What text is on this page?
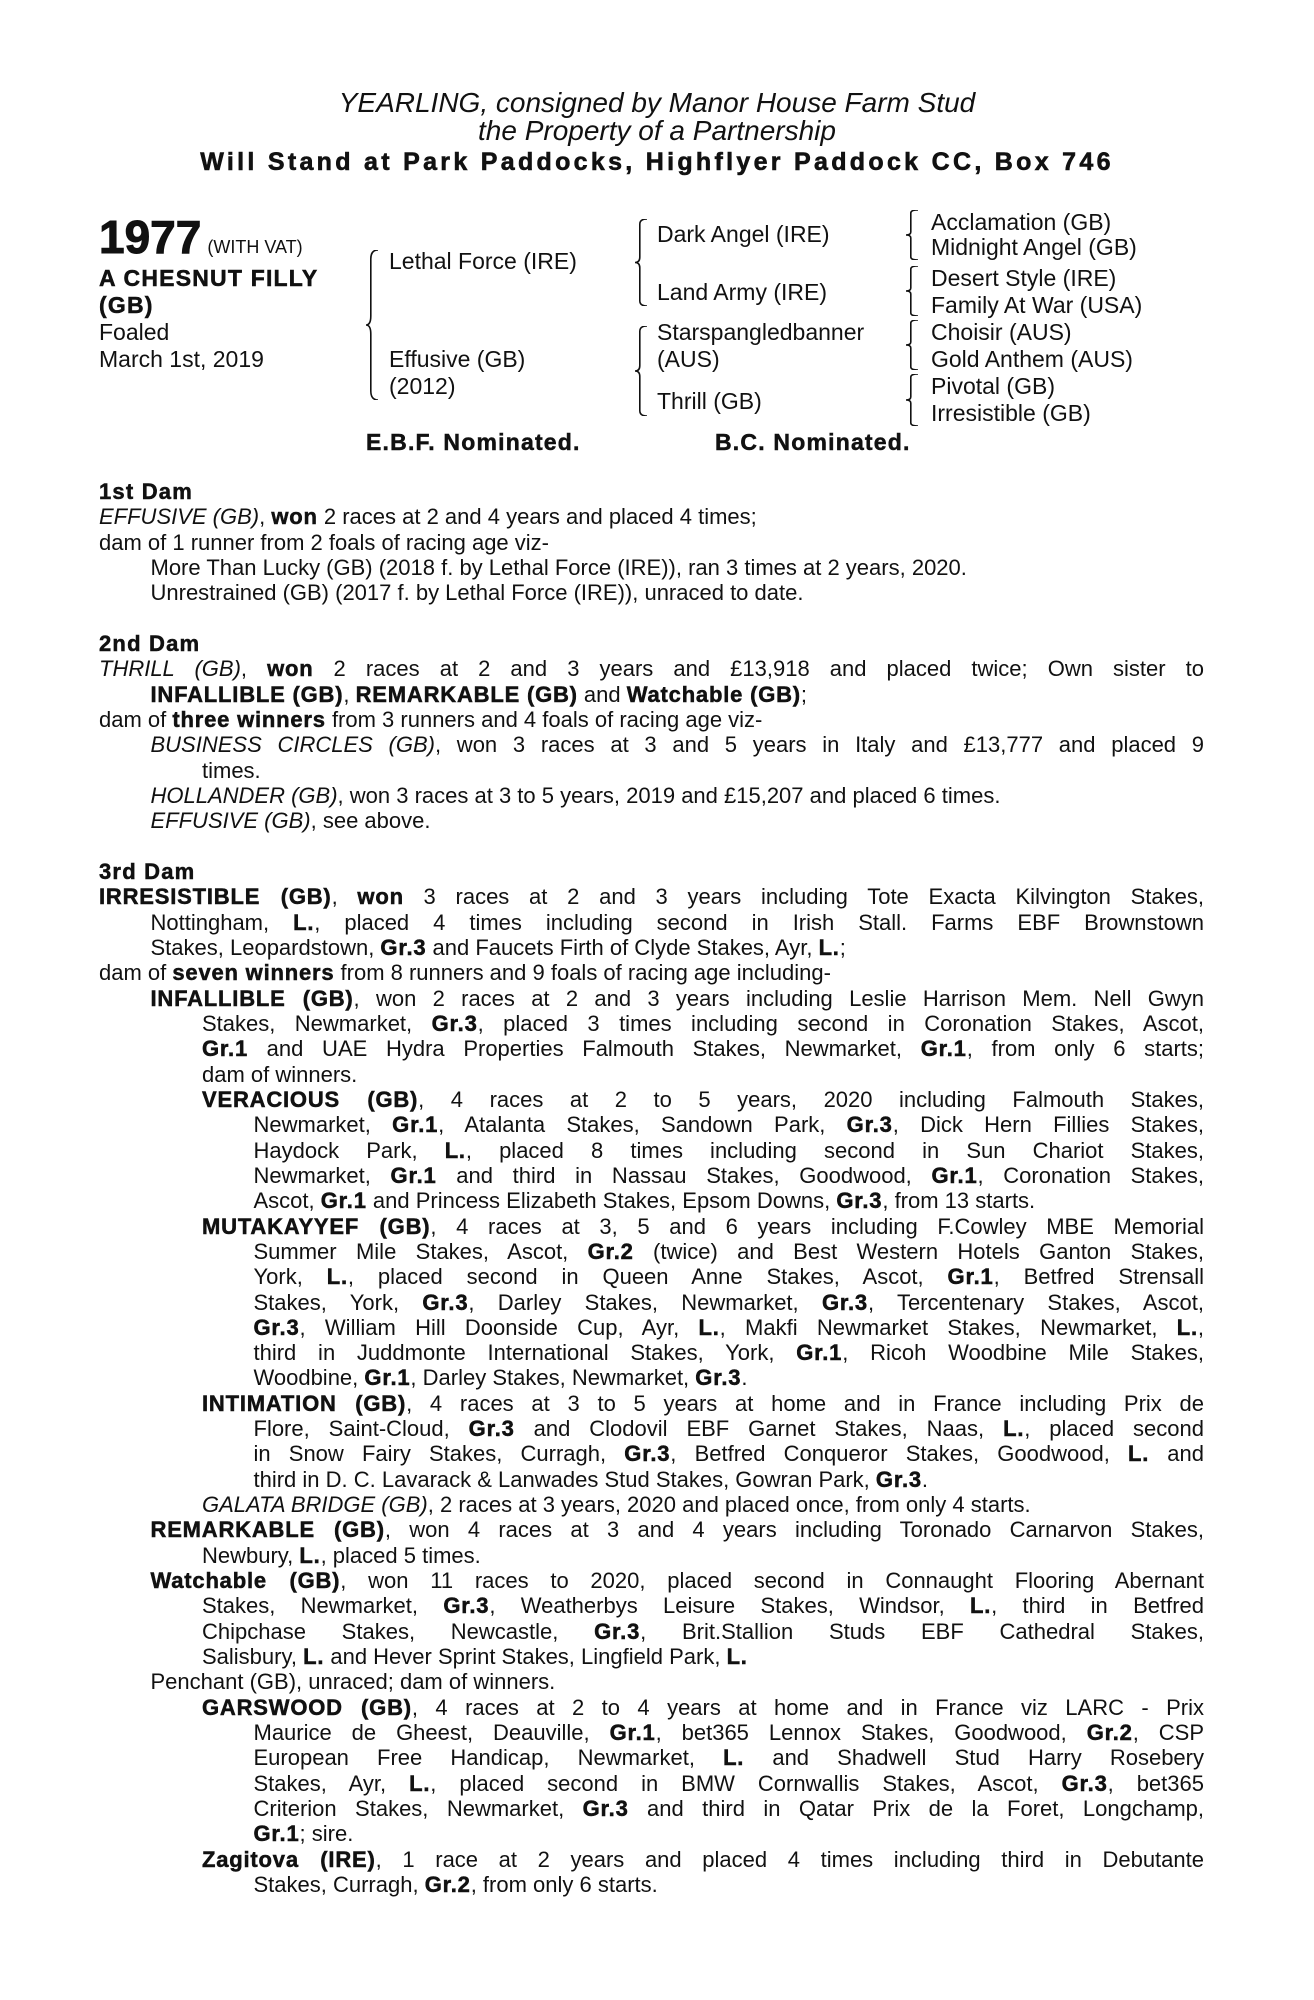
YEARLING, consigned by Manor House Farm Stud
the Property of a Partnership
Will Stand at Park Paddocks, Highflyer Paddock CC, Box 746
1977 (WITH VAT)
A CHESNUT FILLY
(GB)
Foaled
March 1st, 2019
Lethal Force (IRE)
Effusive (GB)
(2012)
Dark Angel (IRE)
Land Army (IRE)
Starspangledbanner
(AUS)
Thrill (GB)
Acclamation (GB)
Midnight Angel (GB)
Desert Style (IRE)
Family At War (USA)
Choisir (AUS)
Gold Anthem (AUS)
Pivotal (GB)
Irresistible (GB)
E.B.F. Nominated.	B.C. Nominated.
1st Dam
EFFUSIVE (GB), won 2 races at 2 and 4 years and placed 4 times;
dam of 1 runner from 2 foals of racing age viz-
More Than Lucky (GB) (2018 f. by Lethal Force (IRE)), ran 3 times at 2 years, 2020.
Unrestrained (GB) (2017 f. by Lethal Force (IRE)), unraced to date.
2nd Dam
THRILL (GB), won 2 races at 2 and 3 years and £13,918 and placed twice; Own sister to
INFALLIBLE (GB), REMARKABLE (GB) and Watchable (GB);
dam of three winners from 3 runners and 4 foals of racing age viz-
BUSINESS CIRCLES (GB), won 3 races at 3 and 5 years in Italy and £13,777 and placed 9
times.
HOLLANDER (GB), won 3 races at 3 to 5 years, 2019 and £15,207 and placed 6 times.
EFFUSIVE (GB), see above.
3rd Dam
IRRESISTIBLE (GB), won 3 races at 2 and 3 years including Tote Exacta Kilvington Stakes,
Nottingham, L., placed 4 times including second in Irish Stall. Farms EBF Brownstown
Stakes, Leopardstown, Gr.3 and Faucets Firth of Clyde Stakes, Ayr, L.;
dam of seven winners from 8 runners and 9 foals of racing age including-
INFALLIBLE (GB), won 2 races at 2 and 3 years including Leslie Harrison Mem. Nell Gwyn
Stakes, Newmarket, Gr.3, placed 3 times including second in Coronation Stakes, Ascot,
Gr.1 and UAE Hydra Properties Falmouth Stakes, Newmarket, Gr.1, from only 6 starts;
dam of winners.
VERACIOUS (GB), 4 races at 2 to 5 years, 2020 including Falmouth Stakes,
Newmarket, Gr.1, Atalanta Stakes, Sandown Park, Gr.3, Dick Hern Fillies Stakes,
Haydock Park, L., placed 8 times including second in Sun Chariot Stakes,
Newmarket, Gr.1 and third in Nassau Stakes, Goodwood, Gr.1, Coronation Stakes,
Ascot, Gr.1 and Princess Elizabeth Stakes, Epsom Downs, Gr.3, from 13 starts.
MUTAKAYYEF (GB), 4 races at 3, 5 and 6 years including F.Cowley MBE Memorial
Summer Mile Stakes, Ascot, Gr.2 (twice) and Best Western Hotels Ganton Stakes,
York, L., placed second in Queen Anne Stakes, Ascot, Gr.1, Betfred Strensall
Stakes, York, Gr.3, Darley Stakes, Newmarket, Gr.3, Tercentenary Stakes, Ascot,
Gr.3, William Hill Doonside Cup, Ayr, L., Makfi Newmarket Stakes, Newmarket, L.,
third in Juddmonte International Stakes, York, Gr.1, Ricoh Woodbine Mile Stakes,
Woodbine, Gr.1, Darley Stakes, Newmarket, Gr.3.
INTIMATION (GB), 4 races at 3 to 5 years at home and in France including Prix de
Flore, Saint-Cloud, Gr.3 and Clodovil EBF Garnet Stakes, Naas, L., placed second
in Snow Fairy Stakes, Curragh, Gr.3, Betfred Conqueror Stakes, Goodwood, L. and
third in D. C. Lavarack & Lanwades Stud Stakes, Gowran Park, Gr.3.
GALATA BRIDGE (GB), 2 races at 3 years, 2020 and placed once, from only 4 starts.
REMARKABLE (GB), won 4 races at 3 and 4 years including Toronado Carnarvon Stakes,
Newbury, L., placed 5 times.
Watchable (GB), won 11 races to 2020, placed second in Connaught Flooring Abernant
Stakes, Newmarket, Gr.3, Weatherbys Leisure Stakes, Windsor, L., third in Betfred
Chipchase Stakes, Newcastle, Gr.3, Brit.Stallion Studs EBF Cathedral Stakes,
Salisbury, L. and Hever Sprint Stakes, Lingfield Park, L.
Penchant (GB), unraced; dam of winners.
GARSWOOD (GB), 4 races at 2 to 4 years at home and in France viz LARC - Prix
Maurice de Gheest, Deauville, Gr.1, bet365 Lennox Stakes, Goodwood, Gr.2, CSP
European Free Handicap, Newmarket, L. and Shadwell Stud Harry Rosebery
Stakes, Ayr, L., placed second in BMW Cornwallis Stakes, Ascot, Gr.3, bet365
Criterion Stakes, Newmarket, Gr.3 and third in Qatar Prix de la Foret, Longchamp,
Gr.1; sire.
Zagitova (IRE), 1 race at 2 years and placed 4 times including third in Debutante
Stakes, Curragh, Gr.2, from only 6 starts.
